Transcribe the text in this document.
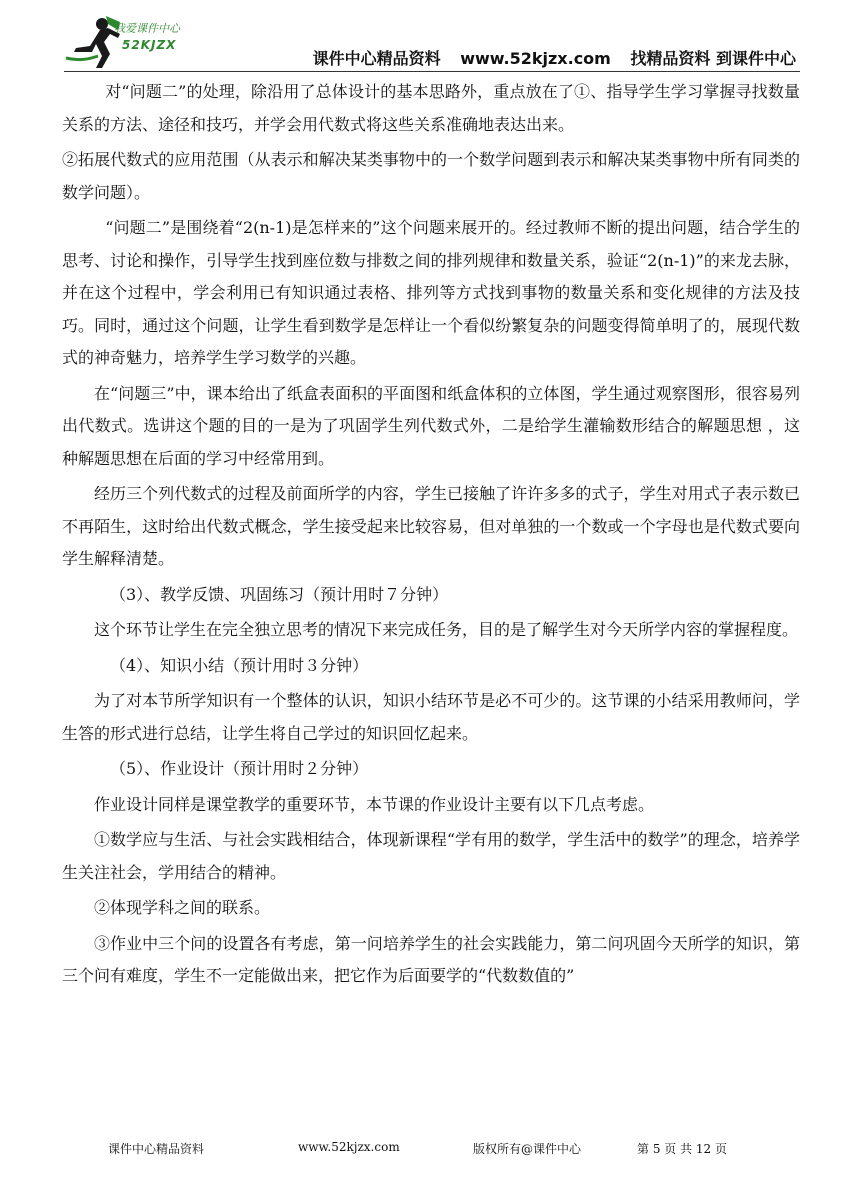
我爱课件中心
52KJZX
课件中心精品资料 www.52kjzx.com 找精品资料 到课件中心

对“问题二”的处理，除沿用了总体设计的基本思路外，重点放在了①、指导学生学习掌握寻找数量关系的方法、途径和技巧，并学会用代数式将这些关系准确地表达出来。

②拓展代数式的应用范围（从表示和解决某类事物中的一个数学问题到表示和解决某类事物中所有同类的数学问题）。

“问题二”是围绕着“2(n-1)是怎样来的”这个问题来展开的。经过教师不断的提出问题，结合学生的思考、讨论和操作，引导学生找到座位数与排数之间的排列规律和数量关系，验证“2(n-1)”的来龙去脉，并在这个过程中，学会利用已有知识通过表格、排列等方式找到事物的数量关系和变化规律的方法及技巧。同时，通过这个问题，让学生看到数学是怎样让一个看似纷繁复杂的问题变得简单明了的，展现代数式的神奇魅力，培养学生学习数学的兴趣。

在“问题三”中，课本给出了纸盒表面积的平面图和纸盒体积的立体图，学生通过观察图形，很容易列出代数式。选讲这个题的目的一是为了巩固学生列代数式外，二是给学生灌输数形结合的解题思想 ，这种解题思想在后面的学习中经常用到。

经历三个列代数式的过程及前面所学的内容，学生已接触了许许多多的式子，学生对用式子表示数已不再陌生，这时给出代数式概念，学生接受起来比较容易，但对单独的一个数或一个字母也是代数式要向学生解释清楚。

（3）、教学反馈、巩固练习（预计用时７分钟）

这个环节让学生在完全独立思考的情况下来完成任务，目的是了解学生对今天所学内容的掌握程度。

（4）、知识小结（预计用时３分钟）

为了对本节所学知识有一个整体的认识，知识小结环节是必不可少的。这节课的小结采用教师问，学生答的形式进行总结，让学生将自己学过的知识回忆起来。

（5）、作业设计（预计用时２分钟）

作业设计同样是课堂教学的重要环节，本节课的作业设计主要有以下几点考虑。

①数学应与生活、与社会实践相结合，体现新课程“学有用的数学，学生活中的数学”的理念，培养学生关注社会，学用结合的精神。

②体现学科之间的联系。

③作业中三个问的设置各有考虑，第一问培养学生的社会实践能力，第二问巩固今天所学的知识，第三个问有难度，学生不一定能做出来，把它作为后面要学的“代数数值的”

课件中心精品资料	www.52kjzx.com	版权所有@课件中心	第 5 页 共 12 页
